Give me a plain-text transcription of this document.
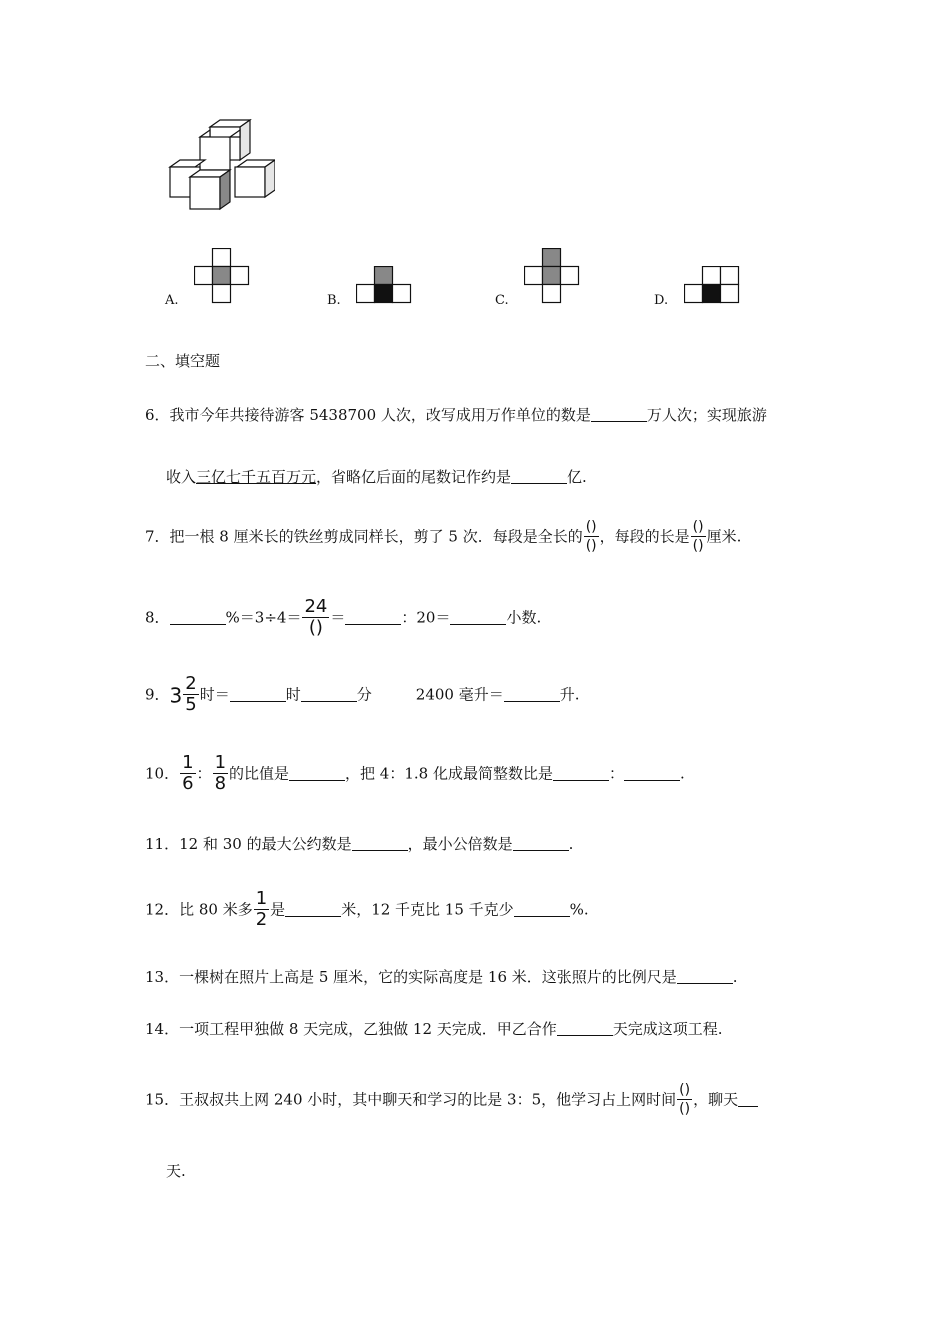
A.	B.	C.	D.
二、填空题
6．我市今年共接待游客 5438700 人次，改写成用万作单位的数是	万人次；实现旅游
收入三亿七千五百万元，省略亿后面的尾数记作约是	亿.
7．把一根 8 厘米长的铁丝剪成同样长，剪了 5 次．每段是全长的 $\frac{()}{()}$ ，每段的长是 $\frac{()}{()}$ 厘米.
8．	$\%=3\div 4= \frac{24}{()}$ ＝	：20＝	小数.
9．$3 \frac{2}{5}$ 时＝	时	分	2400 毫升＝	升.
10． $\frac{1}{6}$ ： $\frac{1}{8}$ 的比值是	，把 4：1.8 化成最简整数比是	：	.
11．12 和 30 的最大公约数是	，最小公倍数是	.
12．比 80 米多 $\frac{1}{2}$ 是	米，12 千克比 15 千克少	%.
13．一棵树在照片上高是 5 厘米，它的实际高度是 16 米．这张照片的比例尺是	.
14．一项工程甲独做 8 天完成，乙独做 12 天完成．甲乙合作	天完成这项工程.
15．王叔叔共上网 240 小时，其中聊天和学习的比是 3：5，他学习占上网时间 $\frac{()}{()}$ ，聊天
天.
